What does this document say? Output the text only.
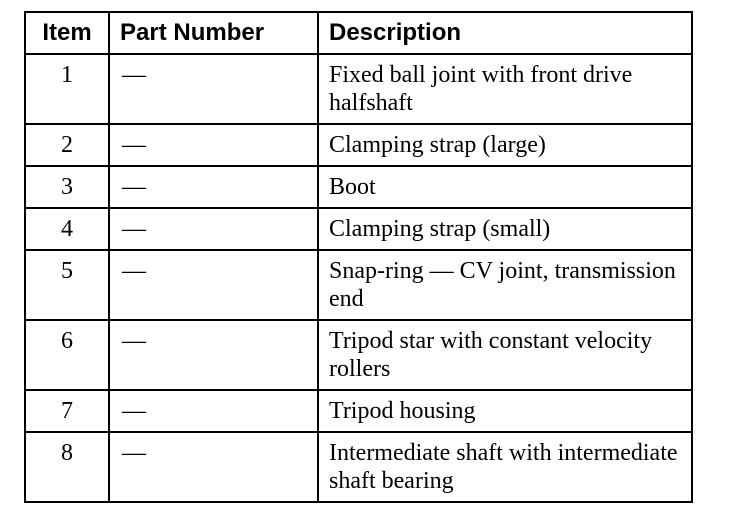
Item	Part Number	Description
1	—	Fixed ball joint with front drive halfshaft
2	—	Clamping strap (large)
3	—	Boot
4	—	Clamping strap (small)
5	—	Snap-ring — CV joint, transmission end
6	—	Tripod star with constant velocity rollers
7	—	Tripod housing
8	—	Intermediate shaft with intermediate shaft bearing
